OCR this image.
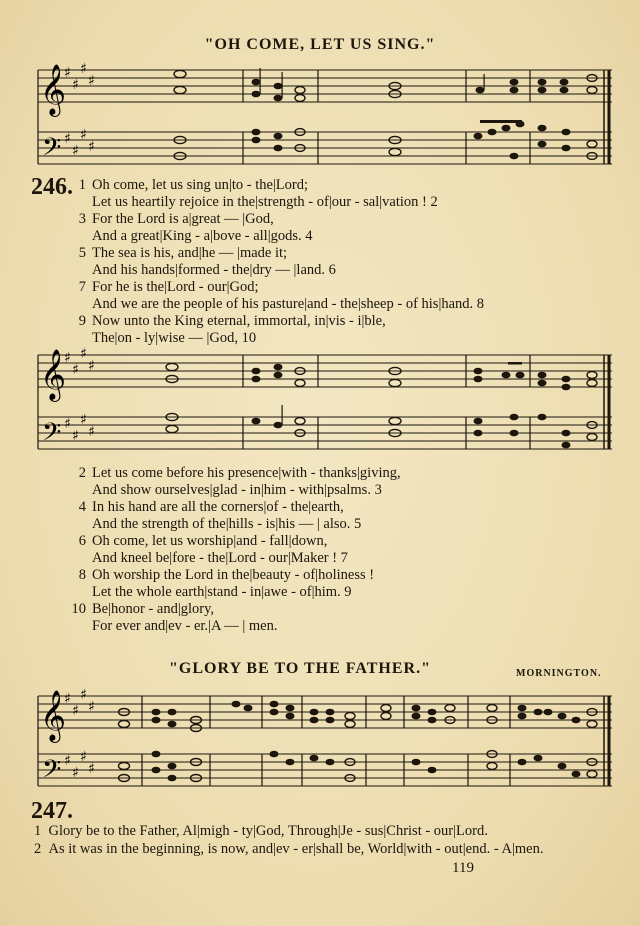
"OH COME, LET US SING."
𝄞
𝄢
♯
♯
♯
♯
♯
♯
♯
♯
246. 1 Oh come, let us sing un|to - the|Lord;
Let us heartily rejoice in the|strength - of|our - sal|vation ! 2
3 For the Lord is a|great — |God,
And a great|King - a|bove - all|gods. 4
5 The sea is his, and|he — |made it;
And his hands|formed - the|dry — |land. 6
7 For he is the|Lord - our|God;
And we are the people of his pasture|and - the|sheep - of his|hand. 8
9 Now unto the King eternal, immortal, in|vis - i|ble,
The|on - ly|wise — |God, 10
𝄞
𝄢
♯
♯
♯
♯
♯
♯
♯
♯
2 Let us come before his presence|with - thanks|giving,
And show ourselves|glad - in|him - with|psalms. 3
4 In his hand are all the corners|of - the|earth,
And the strength of the|hills - is|his — | also. 5
6 Oh come, let us worship|and - fall|down,
And kneel be|fore - the|Lord - our|Maker ! 7
8 Oh worship the Lord in the|beauty - of|holiness !
Let the whole earth|stand - in|awe - of|him. 9
10 Be|honor - and|glory,
For ever and|ev - er.|A — | men.
"GLORY BE TO THE FATHER."	MORNINGTON.
𝄞
𝄢
♯
♯
♯
♯
♯
♯
♯
♯
247.
1 Glory be to the Father, Al|migh - ty|God, Through|Je - sus|Christ - our|Lord.
2 As it was in the beginning, is now, and|ev - er|shall be, World|with - out|end. - A|men.
119
